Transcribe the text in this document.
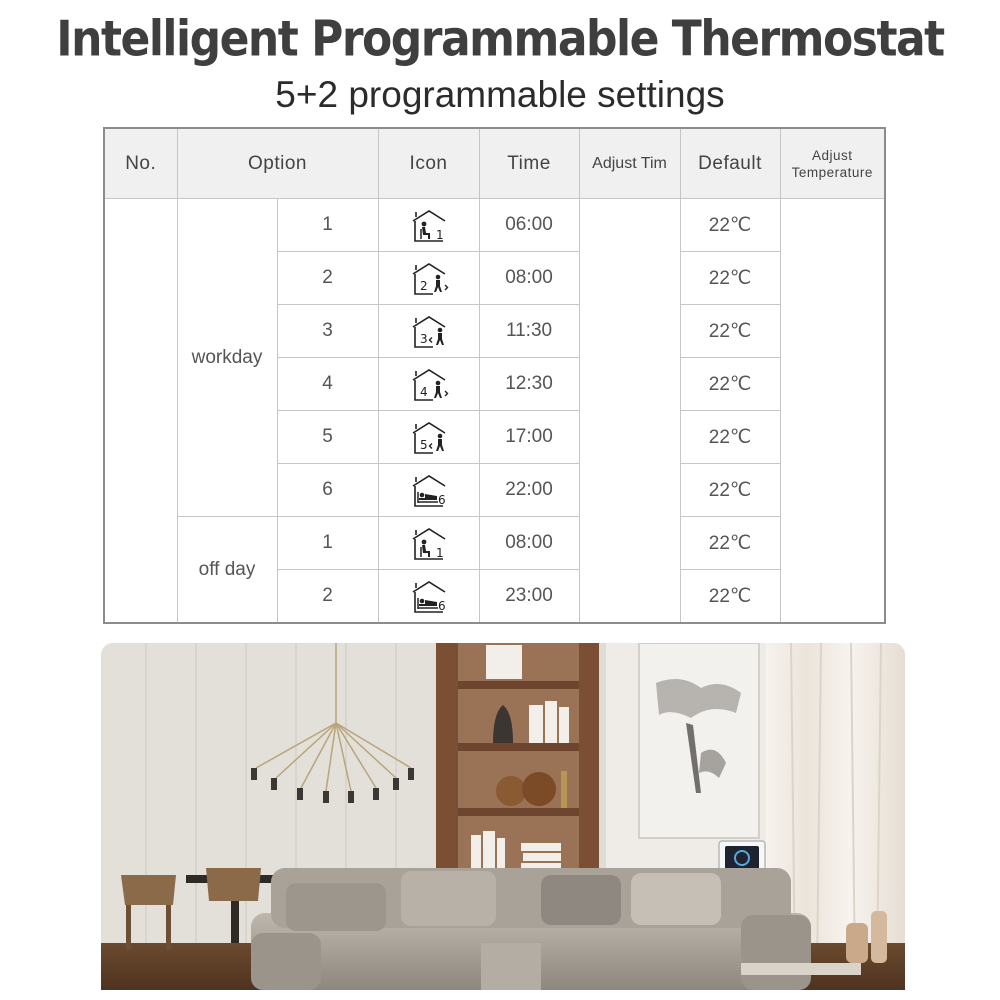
Intelligent Programmable Thermostat
5+2 programmable settings
No.	Option		Icon	Time	Adjust Tim	Default	Adjust Temperature
	workday	1	1	06:00		22℃	
		2	2	08:00		22℃	
		3	3	11:30		22℃	
		4	4	12:30		22℃	
		5	5	17:00		22℃	
		6	6	22:00		22℃	
	off day	1	1	08:00		22℃	
		2	6	23:00		22℃	
